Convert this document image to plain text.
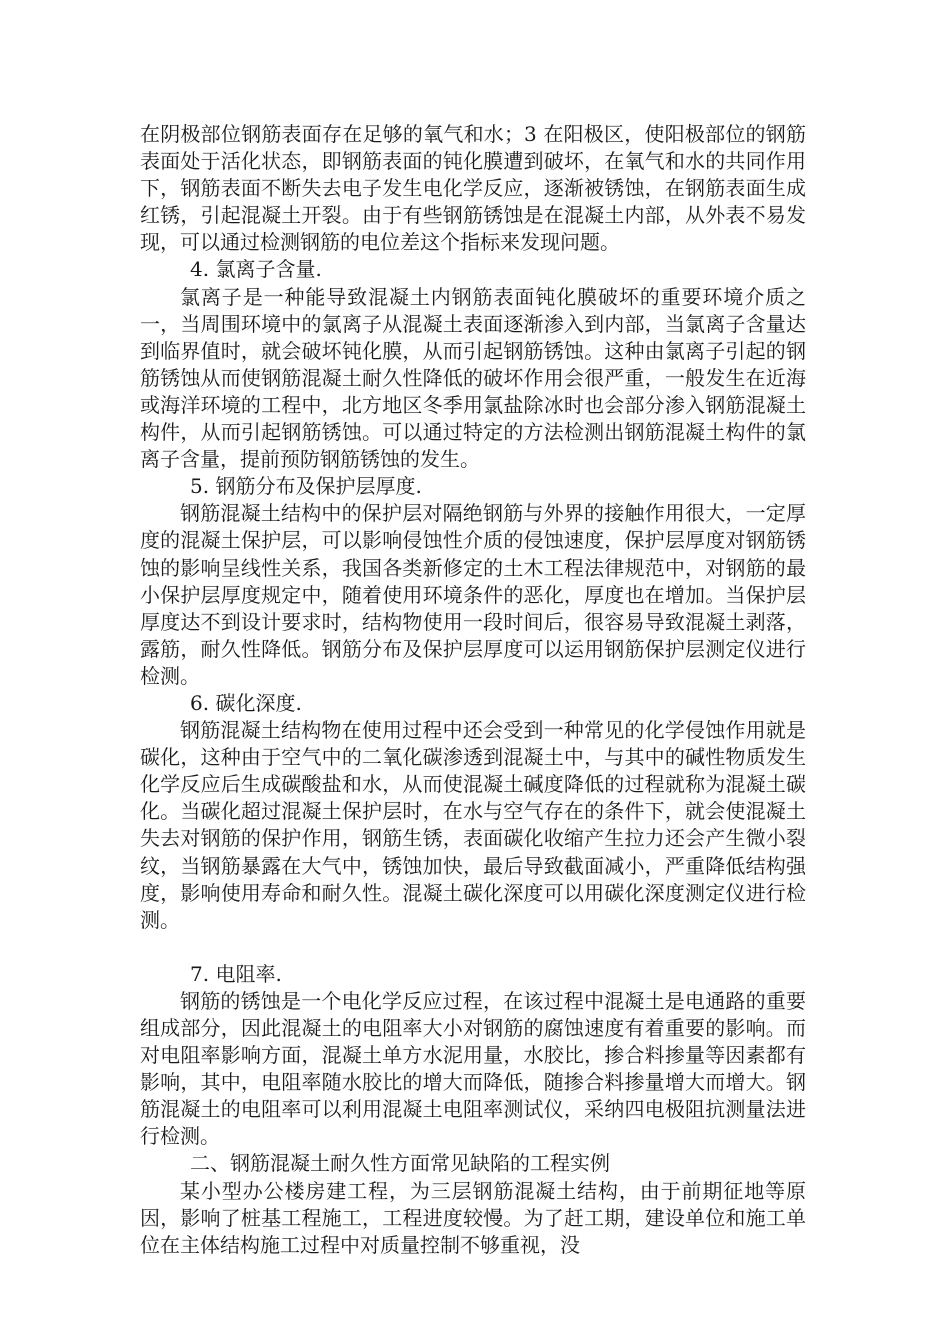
在阴极部位钢筋表面存在足够的氧气和水；3 在阳极区，使阳极部位的钢筋表面处于活化状态，即钢筋表面的钝化膜遭到破坏，在氧气和水的共同作用下，钢筋表面不断失去电子发生电化学反应，逐渐被锈蚀，在钢筋表面生成红锈，引起混凝土开裂。由于有些钢筋锈蚀是在混凝土内部，从外表不易发现，可以通过检测钢筋的电位差这个指标来发现问题。

4. 氯离子含量.

氯离子是一种能导致混凝土内钢筋表面钝化膜破坏的重要环境介质之一，当周围环境中的氯离子从混凝土表面逐渐渗入到内部，当氯离子含量达到临界值时，就会破坏钝化膜，从而引起钢筋锈蚀。这种由氯离子引起的钢筋锈蚀从而使钢筋混凝土耐久性降低的破坏作用会很严重，一般发生在近海或海洋环境的工程中，北方地区冬季用氯盐除冰时也会部分渗入钢筋混凝土构件，从而引起钢筋锈蚀。可以通过特定的方法检测出钢筋混凝土构件的氯离子含量，提前预防钢筋锈蚀的发生。

5. 钢筋分布及保护层厚度.

钢筋混凝土结构中的保护层对隔绝钢筋与外界的接触作用很大，一定厚度的混凝土保护层，可以影响侵蚀性介质的侵蚀速度，保护层厚度对钢筋锈蚀的影响呈线性关系，我国各类新修定的土木工程法律规范中，对钢筋的最小保护层厚度规定中，随着使用环境条件的恶化，厚度也在增加。当保护层厚度达不到设计要求时，结构物使用一段时间后，很容易导致混凝土剥落，露筋，耐久性降低。钢筋分布及保护层厚度可以运用钢筋保护层测定仪进行检测。

6. 碳化深度.

钢筋混凝土结构物在使用过程中还会受到一种常见的化学侵蚀作用就是碳化，这种由于空气中的二氧化碳渗透到混凝土中，与其中的碱性物质发生化学反应后生成碳酸盐和水，从而使混凝土碱度降低的过程就称为混凝土碳化。当碳化超过混凝土保护层时，在水与空气存在的条件下，就会使混凝土失去对钢筋的保护作用，钢筋生锈，表面碳化收缩产生拉力还会产生微小裂纹，当钢筋暴露在大气中，锈蚀加快，最后导致截面减小，严重降低结构强度，影响使用寿命和耐久性。混凝土碳化深度可以用碳化深度测定仪进行检测。

7. 电阻率.

钢筋的锈蚀是一个电化学反应过程，在该过程中混凝土是电通路的重要组成部分，因此混凝土的电阻率大小对钢筋的腐蚀速度有着重要的影响。而对电阻率影响方面，混凝土单方水泥用量，水胶比，掺合料掺量等因素都有影响，其中，电阻率随水胶比的增大而降低，随掺合料掺量增大而增大。钢筋混凝土的电阻率可以利用混凝土电阻率测试仪，采纳四电极阻抗测量法进行检测。

二、钢筋混凝土耐久性方面常见缺陷的工程实例

某小型办公楼房建工程，为三层钢筋混凝土结构，由于前期征地等原因，影响了桩基工程施工，工程进度较慢。为了赶工期，建设单位和施工单位在主体结构施工过程中对质量控制不够重视，没
